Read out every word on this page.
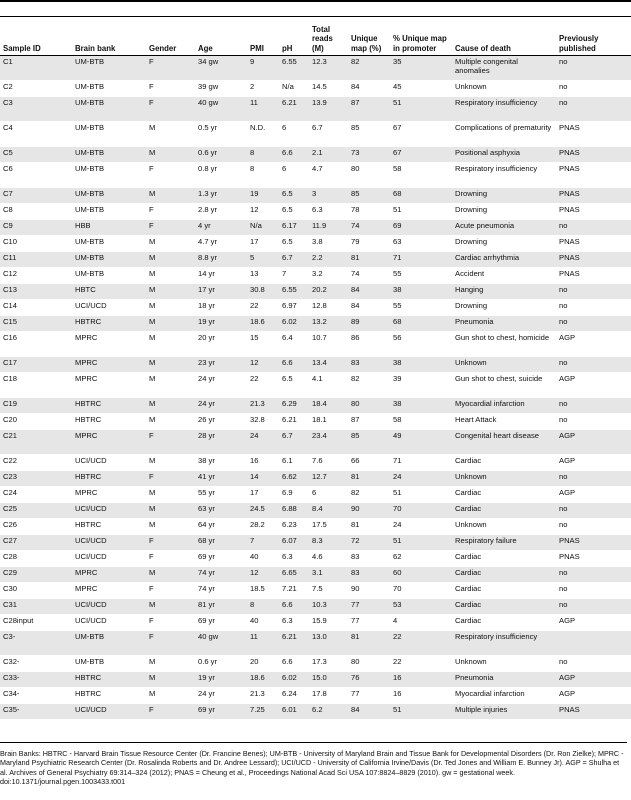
Sample ID	Brain bank	Gender	Age	PMI	pH	Total reads (M)	Unique map (%)	% Unique map in promoter	Cause of death	Previously published
C1	UM-BTB	F	34 gw	9	6.55	12.3	82	35	Multiple congenital anomalies	no
C2	UM-BTB	F	39 gw	2	N/a	14.5	84	45	Unknown	no
C3	UM-BTB	F	40 gw	11	6.21	13.9	87	51	Respiratory insufficiency	no
C4	UM-BTB	M	0.5 yr	N.D.	6	6.7	85	67	Complications of prematurity	PNAS
C5	UM-BTB	M	0.6 yr	8	6.6	2.1	73	67	Positional asphyxia	PNAS
C6	UM-BTB	F	0.8 yr	8	6	4.7	80	58	Respiratory insufficiency	PNAS
C7	UM-BTB	M	1.3 yr	19	6.5	3	85	68	Drowning	PNAS
C8	UM-BTB	F	2.8 yr	12	6.5	6.3	78	51	Drowning	PNAS
C9	HBB	F	4 yr	N/a	6.17	11.9	74	69	Acute pneumonia	no
C10	UM-BTB	M	4.7 yr	17	6.5	3.8	79	63	Drowning	PNAS
C11	UM-BTB	M	8.8 yr	5	6.7	2.2	81	71	Cardiac arrhythmia	PNAS
C12	UM-BTB	M	14 yr	13	7	3.2	74	55	Accident	PNAS
C13	HBTC	M	17 yr	30.8	6.55	20.2	84	38	Hanging	no
C14	UCI/UCD	M	18 yr	22	6.97	12.8	84	55	Drowning	no
C15	HBTRC	M	19 yr	18.6	6.02	13.2	89	68	Pneumonia	no
C16	MPRC	M	20 yr	15	6.4	10.7	86	56	Gun shot to chest, homicide	AGP
C17	MPRC	M	23 yr	12	6.6	13.4	83	38	Unknown	no
C18	MPRC	M	24 yr	22	6.5	4.1	82	39	Gun shot to chest, suicide	AGP
C19	HBTRC	M	24 yr	21.3	6.29	18.4	80	38	Myocardial infarction	no
C20	HBTRC	M	26 yr	32.8	6.21	18.1	87	58	Heart Attack	no
C21	MPRC	F	28 yr	24	6.7	23.4	85	49	Congenital heart disease	AGP
C22	UCI/UCD	M	38 yr	16	6.1	7.6	66	71	Cardiac	AGP
C23	HBTRC	F	41 yr	14	6.62	12.7	81	24	Unknown	no
C24	MPRC	M	55 yr	17	6.9	6	82	51	Cardiac	AGP
C25	UCI/UCD	M	63 yr	24.5	6.88	8.4	90	70	Cardiac	no
C26	HBTRC	M	64 yr	28.2	6.23	17.5	81	24	Unknown	no
C27	UCI/UCD	F	68 yr	7	6.07	8.3	72	51	Respiratory failure	PNAS
C28	UCI/UCD	F	69 yr	40	6.3	4.6	83	62	Cardiac	PNAS
C29	MPRC	M	74 yr	12	6.65	3.1	83	60	Cardiac	no
C30	MPRC	F	74 yr	18.5	7.21	7.5	90	70	Cardiac	no
C31	UCI/UCD	M	81 yr	8	6.6	10.3	77	53	Cardiac	no
C28input	UCI/UCD	F	69 yr	40	6.3	15.9	77	4	Cardiac	AGP
C3-	UM-BTB	F	40 gw	11	6.21	13.0	81	22	Respiratory insufficiency	
C32-	UM-BTB	M	0.6 yr	20	6.6	17.3	80	22	Unknown	no
C33-	HBTRC	M	19 yr	18.6	6.02	15.0	76	16	Pneumonia	AGP
C34-	HBTRC	M	24 yr	21.3	6.24	17.8	77	16	Myocardial infarction	AGP
C35-	UCI/UCD	F	69 yr	7.25	6.01	6.2	84	51	Multiple injuries	PNAS
Brain Banks: HBTRC - Harvard Brain Tissue Resource Center (Dr. Francine Benes); UM-BTB - University of Maryland Brain and Tissue Bank for Developmental Disorders (Dr. Ron Zielke); MPRC - Maryland Psychiatric Research Center (Dr. Rosalinda Roberts and Dr. Andree Lessard); UCI/UCD - University of California Irvine/Davis (Dr. Ted Jones and William E. Bunney Jr). AGP = Shulha et al. Archives of General Psychiatry 69:314–324 (2012); PNAS = Cheung et al., Proceedings National Acad Sci USA 107:8824–8829 (2010). gw = gestational week.
doi:10.1371/journal.pgen.1003433.t001
